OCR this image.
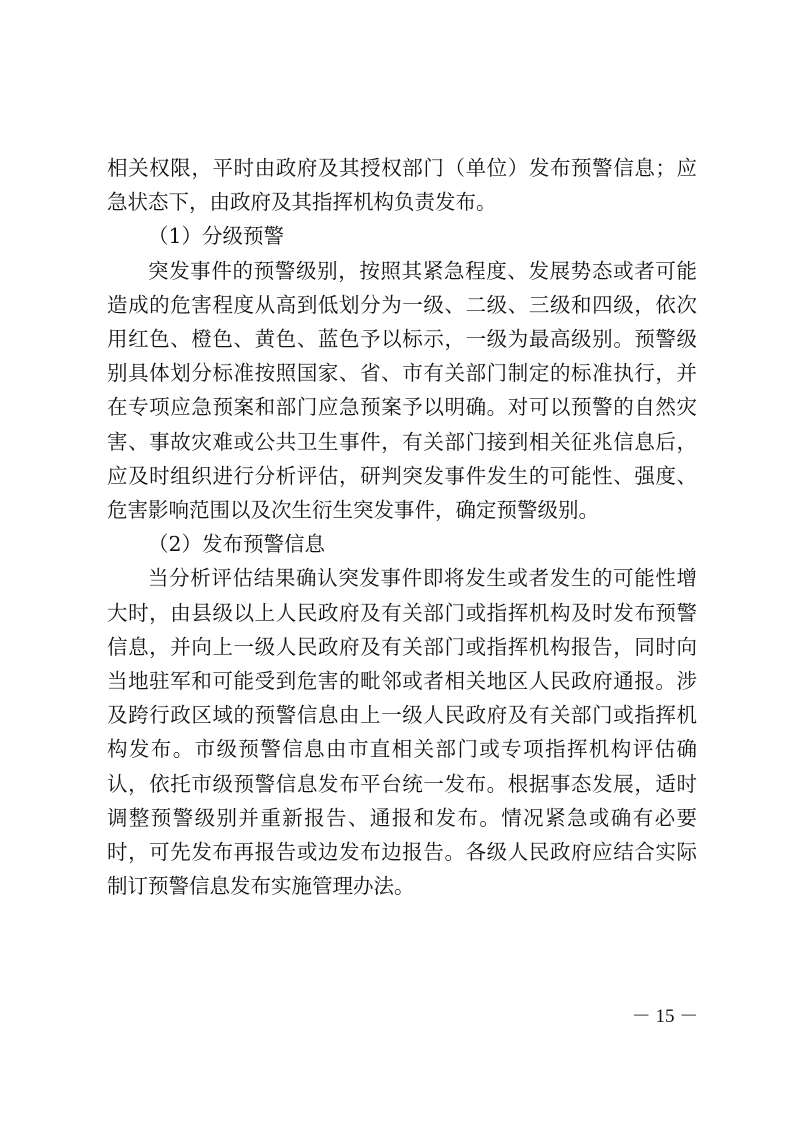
相关权限，平时由政府及其授权部门（单位）发布预警信息；应急状态下，由政府及其指挥机构负责发布。

（1）分级预警

突发事件的预警级别，按照其紧急程度、发展势态或者可能造成的危害程度从高到低划分为一级、二级、三级和四级，依次用红色、橙色、黄色、蓝色予以标示，一级为最高级别。预警级别具体划分标准按照国家、省、市有关部门制定的标准执行，并在专项应急预案和部门应急预案予以明确。对可以预警的自然灾害、事故灾难或公共卫生事件，有关部门接到相关征兆信息后，应及时组织进行分析评估，研判突发事件发生的可能性、强度、危害影响范围以及次生衍生突发事件，确定预警级别。

（2）发布预警信息

当分析评估结果确认突发事件即将发生或者发生的可能性增大时，由县级以上人民政府及有关部门或指挥机构及时发布预警信息，并向上一级人民政府及有关部门或指挥机构报告，同时向当地驻军和可能受到危害的毗邻或者相关地区人民政府通报。涉及跨行政区域的预警信息由上一级人民政府及有关部门或指挥机构发布。市级预警信息由市直相关部门或专项指挥机构评估确认，依托市级预警信息发布平台统一发布。根据事态发展，适时调整预警级别并重新报告、通报和发布。情况紧急或确有必要时，可先发布再报告或边发布边报告。各级人民政府应结合实际制订预警信息发布实施管理办法。

－ 15 －
